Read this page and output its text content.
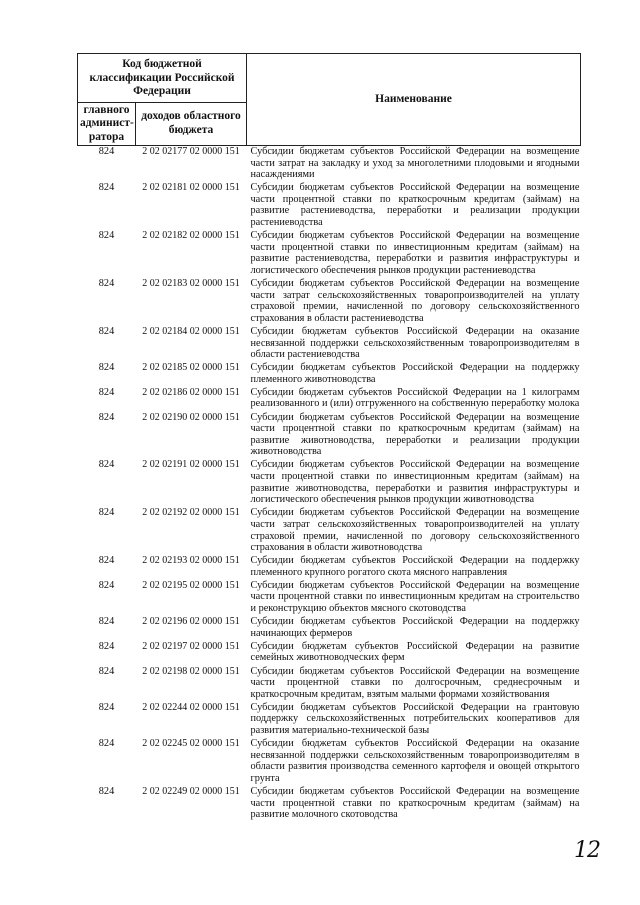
Код бюджетной классификации Российской Федерации		Наименование
главного админист-ратора	доходов областного бюджета	
824	2 02 02177 02 0000 151	Субсидии бюджетам субъектов Российской Федерации на возмещение части затрат на закладку и уход за многолетними плодовыми и ягодными насаждениями
824	2 02 02181 02 0000 151	Субсидии бюджетам субъектов Российской Федерации на возмещение части процентной ставки по краткосрочным кредитам (займам) на развитие растениеводства, переработки и реализации продукции растениеводства
824	2 02 02182 02 0000 151	Субсидии бюджетам субъектов Российской Федерации на возмещение части процентной ставки по инвестиционным кредитам (займам) на развитие растениеводства, переработки и развития инфраструктуры и логистического обеспечения рынков продукции растениеводства
824	2 02 02183 02 0000 151	Субсидии бюджетам субъектов Российской Федерации на возмещение части затрат сельскохозяйственных товаропроизводителей на уплату страховой премии, начисленной по договору сельскохозяйственного страхования в области растениеводства
824	2 02 02184 02 0000 151	Субсидии бюджетам субъектов Российской Федерации на оказание несвязанной поддержки сельскохозяйственным товаропроизводителям в области растениеводства
824	2 02 02185 02 0000 151	Субсидии бюджетам субъектов Российской Федерации на поддержку племенного животноводства
824	2 02 02186 02 0000 151	Субсидии бюджетам субъектов Российской Федерации на 1 килограмм реализованного и (или) отгруженного на собственную переработку молока
824	2 02 02190 02 0000 151	Субсидии бюджетам субъектов Российской Федерации на возмещение части процентной ставки по краткосрочным кредитам (займам) на развитие животноводства, переработки и реализации продукции животноводства
824	2 02 02191 02 0000 151	Субсидии бюджетам субъектов Российской Федерации на возмещение части процентной ставки по инвестиционным кредитам (займам) на развитие животноводства, переработки и развития инфраструктуры и логистического обеспечения рынков продукции животноводства
824	2 02 02192 02 0000 151	Субсидии бюджетам субъектов Российской Федерации на возмещение части затрат сельскохозяйственных товаропроизводителей на уплату страховой премии, начисленной по договору сельскохозяйственного страхования в области животноводства
824	2 02 02193 02 0000 151	Субсидии бюджетам субъектов Российской Федерации на поддержку племенного крупного рогатого скота мясного направления
824	2 02 02195 02 0000 151	Субсидии бюджетам субъектов Российской Федерации на возмещение части процентной ставки по инвестиционным кредитам на строительство и реконструкцию объектов мясного скотоводства
824	2 02 02196 02 0000 151	Субсидии бюджетам субъектов Российской Федерации на поддержку начинающих фермеров
824	2 02 02197 02 0000 151	Субсидии бюджетам субъектов Российской Федерации на развитие семейных животноводческих ферм
824	2 02 02198 02 0000 151	Субсидии бюджетам субъектов Российской Федерации на возмещение части процентной ставки по долгосрочным, среднесрочным и краткосрочным кредитам, взятым малыми формами хозяйствования
824	2 02 02244 02 0000 151	Субсидии бюджетам субъектов Российской Федерации на грантовую поддержку сельскохозяйственных потребительских кооперативов для развития материально-технической базы
824	2 02 02245 02 0000 151	Субсидии бюджетам субъектов Российской Федерации на оказание несвязанной поддержки сельскохозяйственным товаропроизводителям в области развития производства семенного картофеля и овощей открытого грунта
824	2 02 02249 02 0000 151	Субсидии бюджетам субъектов Российской Федерации на возмещение части процентной ставки по краткосрочным кредитам (займам) на развитие молочного скотоводства
12
